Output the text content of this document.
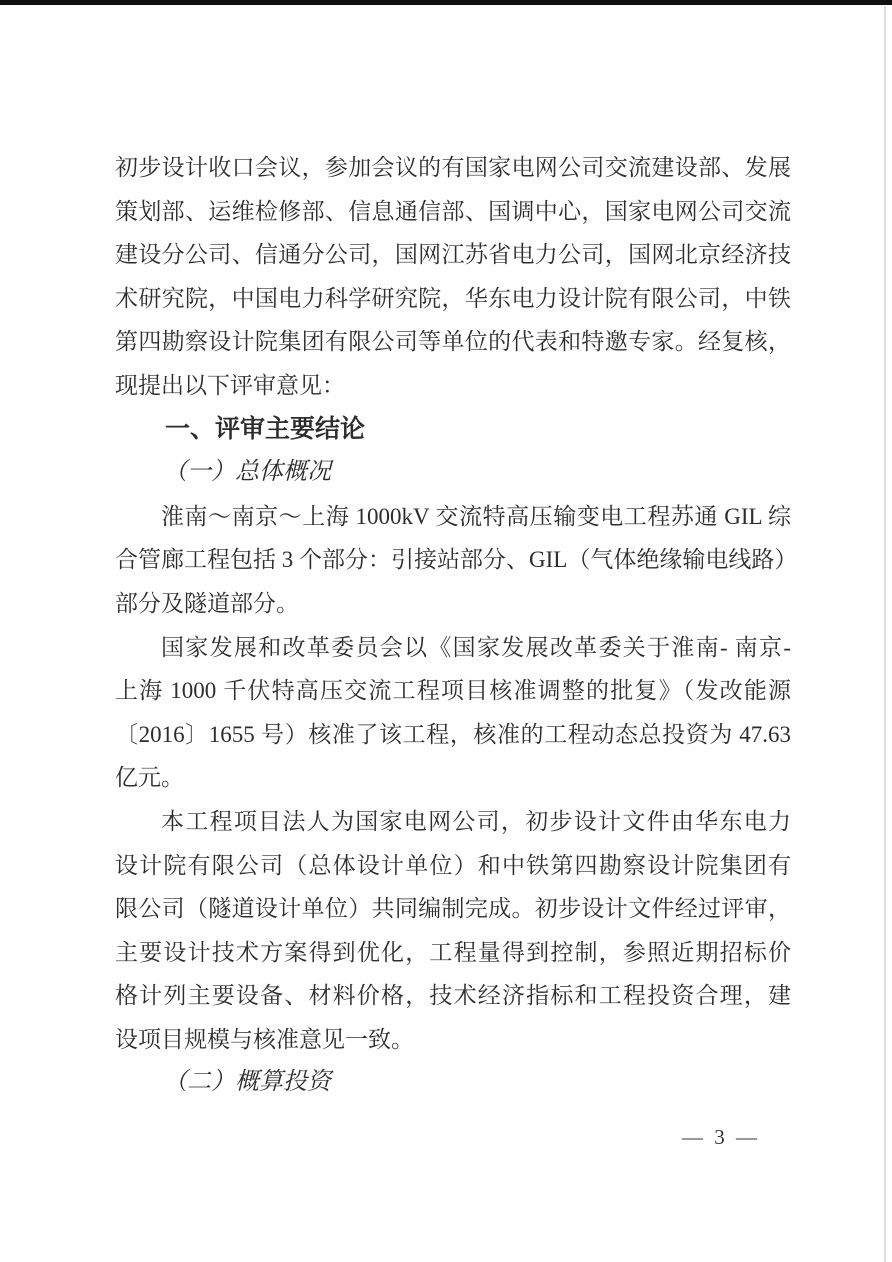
初步设计收口会议，参加会议的有国家电网公司交流建设部、发展
策划部、运维检修部、信息通信部、国调中心，国家电网公司交流
建设分公司、信通分公司，国网江苏省电力公司，国网北京经济技
术研究院，中国电力科学研究院，华东电力设计院有限公司，中铁
第四勘察设计院集团有限公司等单位的代表和特邀专家。经复核，
现提出以下评审意见：
一、评审主要结论
（一）总体概况
淮南～南京～上海 1000kV 交流特高压输变电工程苏通 GIL 综
合管廊工程包括 3 个部分：引接站部分、GIL（气体绝缘输电线路）
部分及隧道部分。
国家发展和改革委员会以《国家发展改革委关于淮南- 南京-
上海 1000 千伏特高压交流工程项目核准调整的批复》（发改能源
〔2016〕1655 号）核准了该工程，核准的工程动态总投资为 47.63
亿元。
本工程项目法人为国家电网公司，初步设计文件由华东电力
设计院有限公司（总体设计单位）和中铁第四勘察设计院集团有
限公司（隧道设计单位）共同编制完成。初步设计文件经过评审，
主要设计技术方案得到优化，工程量得到控制，参照近期招标价
格计列主要设备、材料价格，技术经济指标和工程投资合理，建
设项目规模与核准意见一致。
（二）概算投资
— 3 —
